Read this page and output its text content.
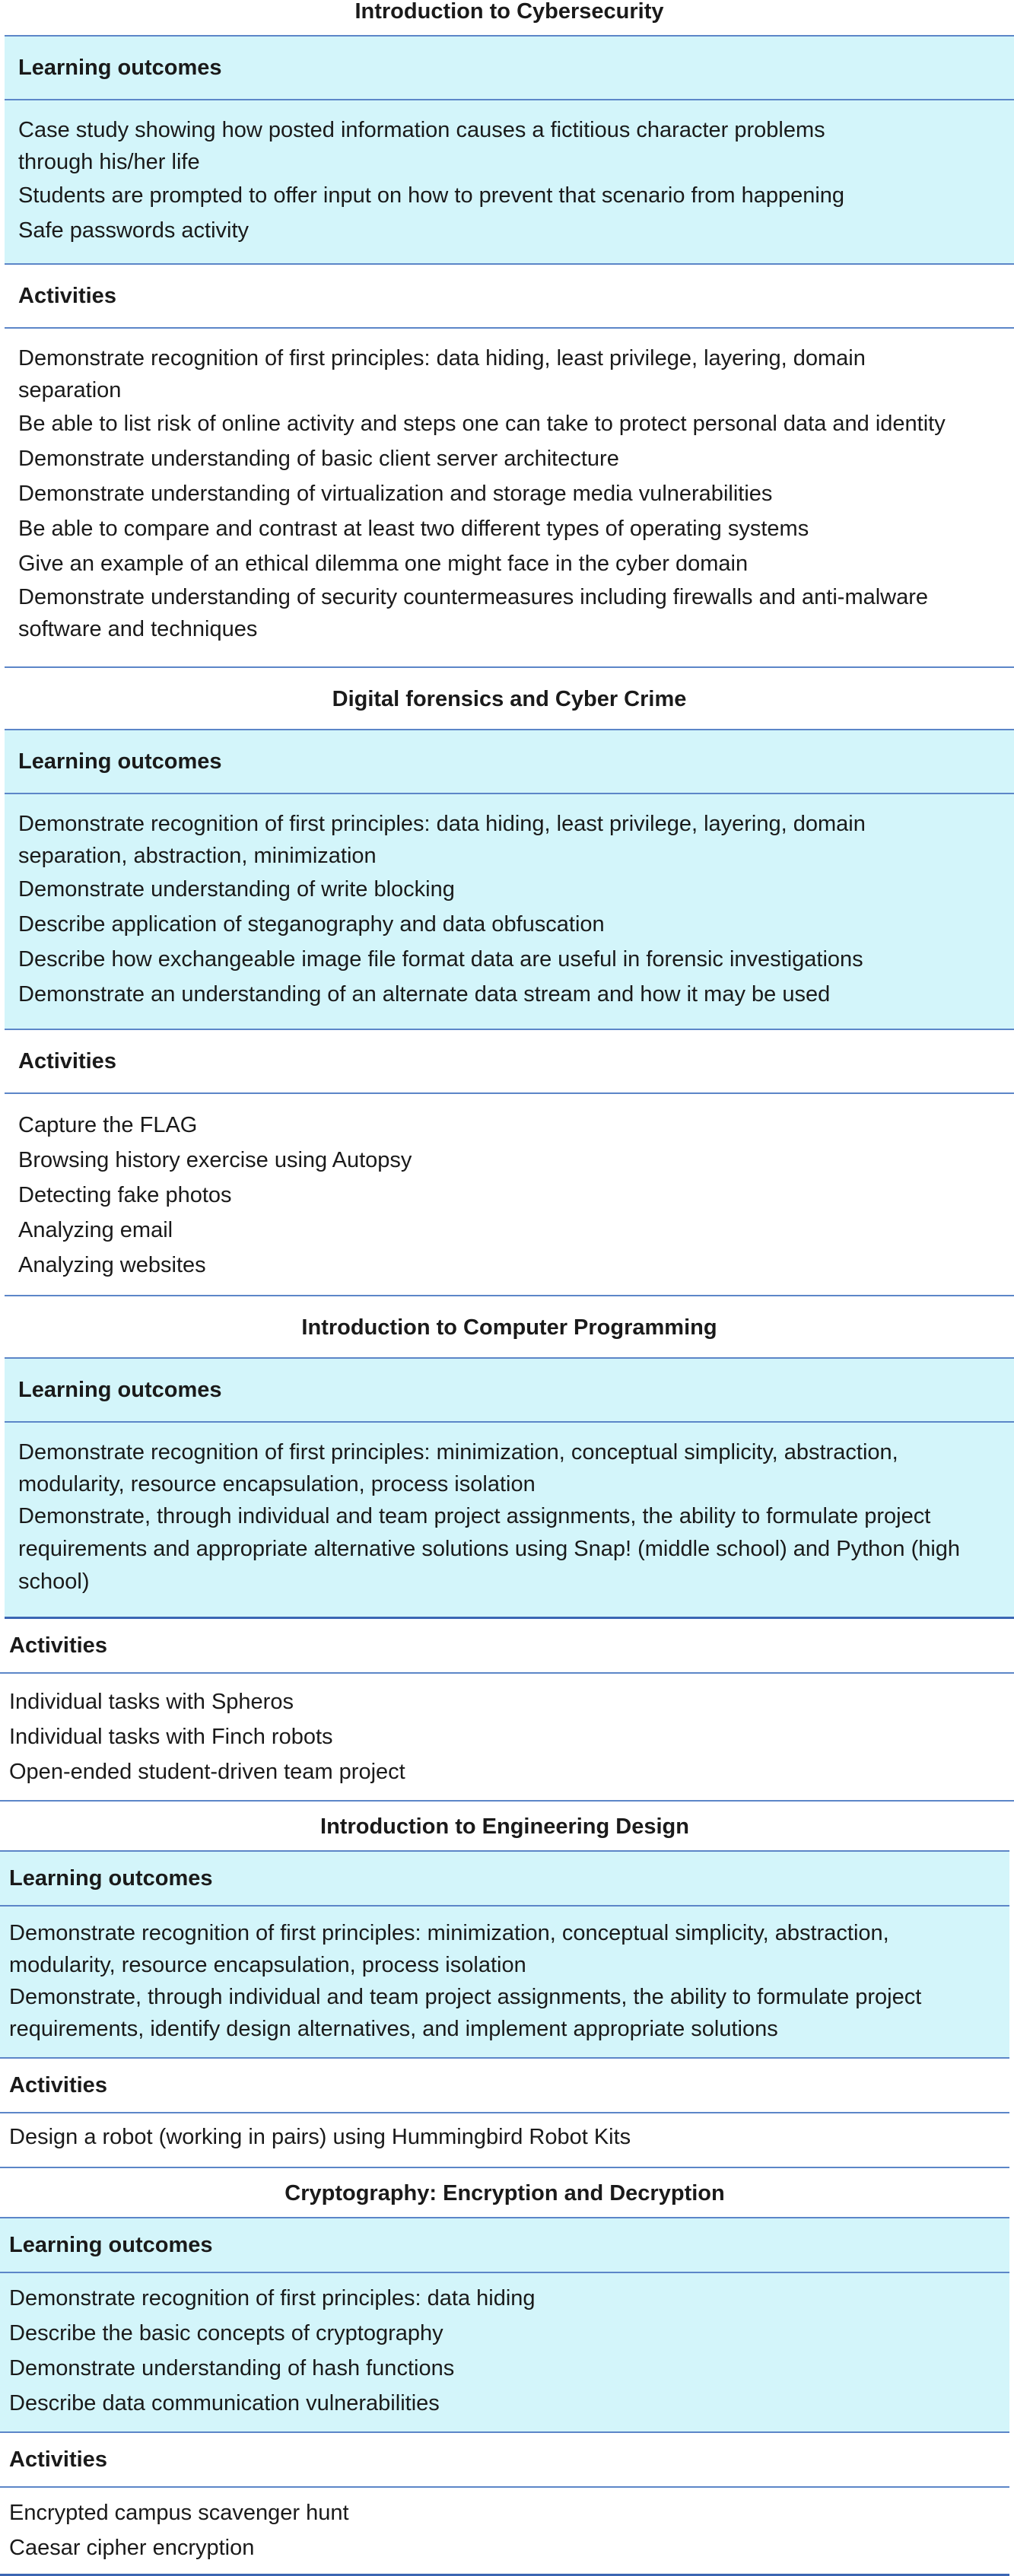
Introduction to Cybersecurity
Learning outcomes
Case study showing how posted information causes a fictitious character problems through his/her life
Students are prompted to offer input on how to prevent that scenario from happening
Safe passwords activity
Activities
Demonstrate recognition of first principles: data hiding, least privilege, layering, domain separation
Be able to list risk of online activity and steps one can take to protect personal data and identity
Demonstrate understanding of basic client server architecture
Demonstrate understanding of virtualization and storage media vulnerabilities
Be able to compare and contrast at least two different types of operating systems
Give an example of an ethical dilemma one might face in the cyber domain
Demonstrate understanding of security countermeasures including firewalls and anti-malware software and techniques
Digital forensics and Cyber Crime
Learning outcomes
Demonstrate recognition of first principles: data hiding, least privilege, layering, domain separation, abstraction, minimization
Demonstrate understanding of write blocking
Describe application of steganography and data obfuscation
Describe how exchangeable image file format data are useful in forensic investigations
Demonstrate an understanding of an alternate data stream and how it may be used
Activities
Capture the FLAG
Browsing history exercise using Autopsy
Detecting fake photos
Analyzing email
Analyzing websites
Introduction to Computer Programming
Learning outcomes
Demonstrate recognition of first principles: minimization, conceptual simplicity, abstraction, modularity, resource encapsulation, process isolation
Demonstrate, through individual and team project assignments, the ability to formulate project requirements and appropriate alternative solutions using Snap! (middle school) and Python (high school)
Activities
Individual tasks with Spheros
Individual tasks with Finch robots
Open-ended student-driven team project
Introduction to Engineering Design
Learning outcomes
Demonstrate recognition of first principles: minimization, conceptual simplicity, abstraction, modularity, resource encapsulation, process isolation
Demonstrate, through individual and team project assignments, the ability to formulate project requirements, identify design alternatives, and implement appropriate solutions
Activities
Design a robot (working in pairs) using Hummingbird Robot Kits
Cryptography: Encryption and Decryption
Learning outcomes
Demonstrate recognition of first principles: data hiding
Describe the basic concepts of cryptography
Demonstrate understanding of hash functions
Describe data communication vulnerabilities
Activities
Encrypted campus scavenger hunt
Caesar cipher encryption
